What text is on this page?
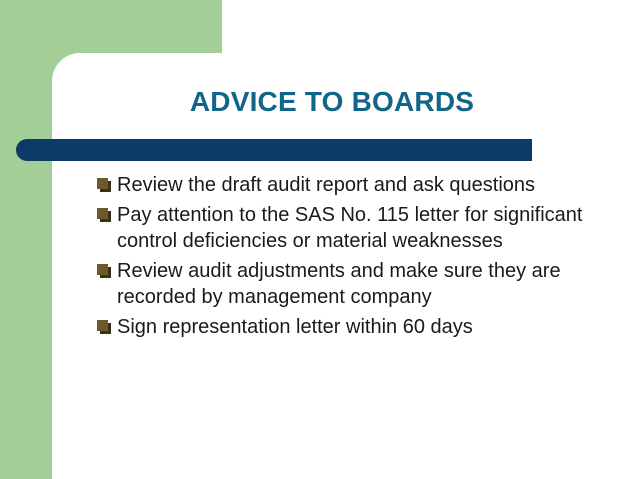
ADVICE TO BOARDS
Review the draft audit report and ask questions
Pay attention to the SAS No. 115 letter for significant control deficiencies or material weaknesses
Review audit adjustments and make sure they are recorded by management company
Sign representation letter within 60 days
